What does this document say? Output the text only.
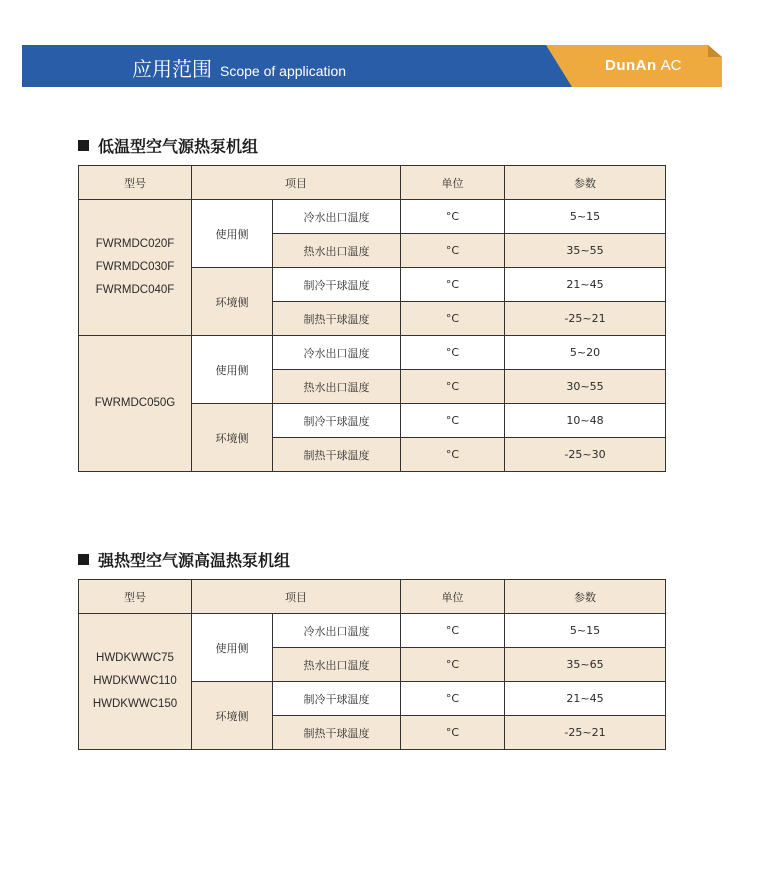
应用范围 Scope of application	DunAn AC
低温型空气源热泵机组
型号	项目		单位	参数

FWRMDC020F
FWRMDC030F
FWRMDC040F	使用侧	冷水出口温度	°C	5~15
		热水出口温度	°C	35~55
	环境侧	制冷干球温度	°C	21~45
		制热干球温度	°C	-25~21

FWRMDC050G	使用侧	冷水出口温度	°C	5~20
		热水出口温度	°C	30~55
	环境侧	制冷干球温度	°C	10~48
		制热干球温度	°C	-25~30
强热型空气源高温热泵机组
型号	项目		单位	参数

HWDKWWC75
HWDKWWC110
HWDKWWC150	使用侧	冷水出口温度	°C	5~15
		热水出口温度	°C	35~65
	环境侧	制冷干球温度	°C	21~45
		制热干球温度	°C	-25~21
